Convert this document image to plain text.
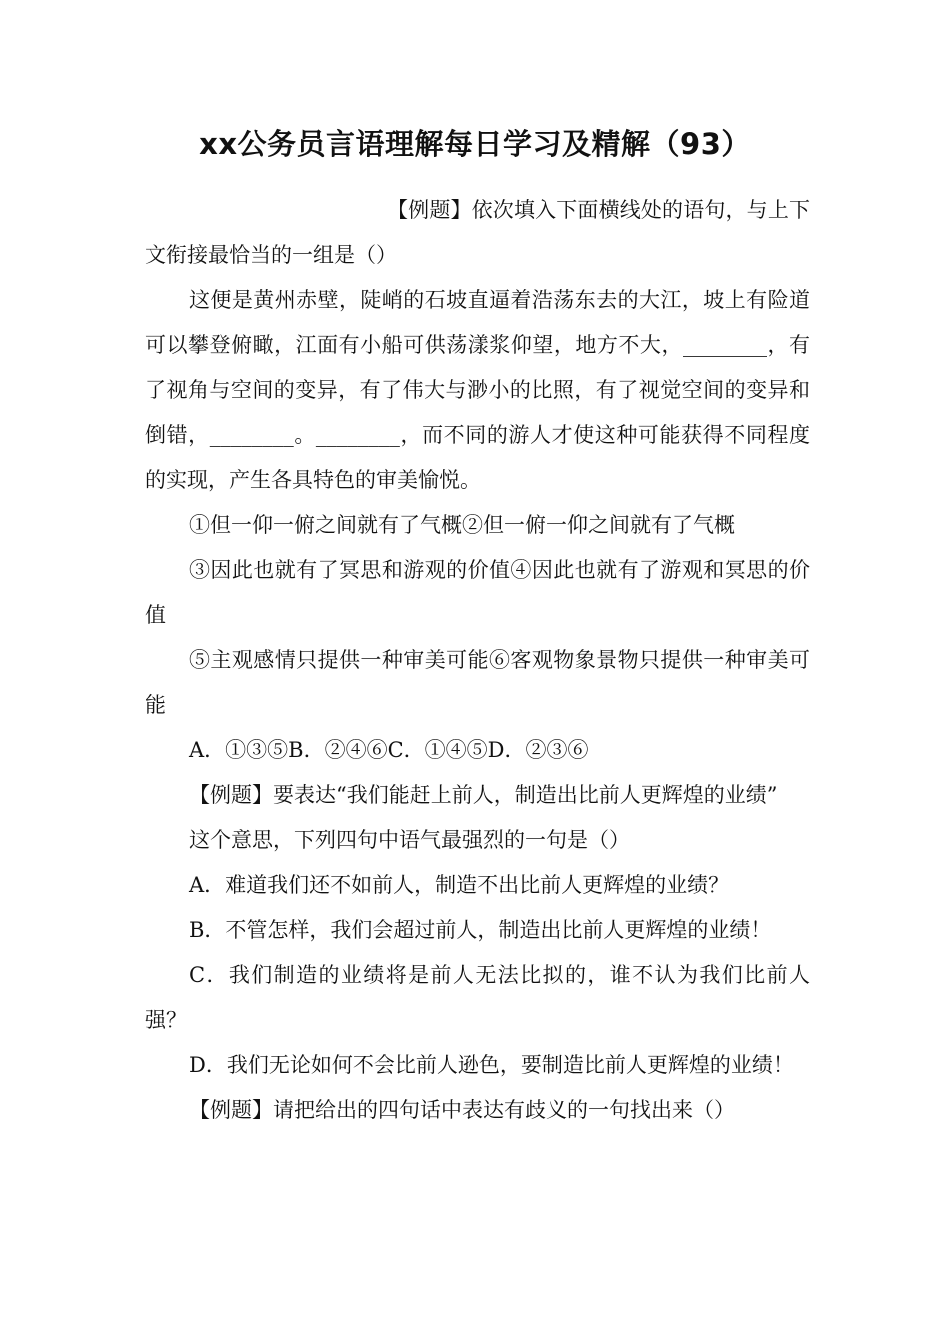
xx公务员言语理解每日学习及精解（93）

【例题】依次填入下面横线处的语句，与上下文衔接最恰当的一组是（）

这便是黄州赤壁，陡峭的石坡直逼着浩荡东去的大江，坡上有险道可以攀登俯瞰，江面有小船可供荡漾浆仰望，地方不大，________，有了视角与空间的变异，有了伟大与渺小的比照，有了视觉空间的变异和倒错，________。________，而不同的游人才使这种可能获得不同程度的实现，产生各具特色的审美愉悦。

①但一仰一俯之间就有了气概②但一俯一仰之间就有了气概

③因此也就有了冥思和游观的价值④因此也就有了游观和冥思的价值

⑤主观感情只提供一种审美可能⑥客观物象景物只提供一种审美可能

A．①③⑤B．②④⑥C．①④⑤D．②③⑥

【例题】要表达“我们能赶上前人，制造出比前人更辉煌的业绩”

这个意思，下列四句中语气最强烈的一句是（）

A．难道我们还不如前人，制造不出比前人更辉煌的业绩？

B．不管怎样，我们会超过前人，制造出比前人更辉煌的业绩！

C．我们制造的业绩将是前人无法比拟的，谁不认为我们比前人强？

D．我们无论如何不会比前人逊色，要制造比前人更辉煌的业绩！

【例题】请把给出的四句话中表达有歧义的一句找出来（）
